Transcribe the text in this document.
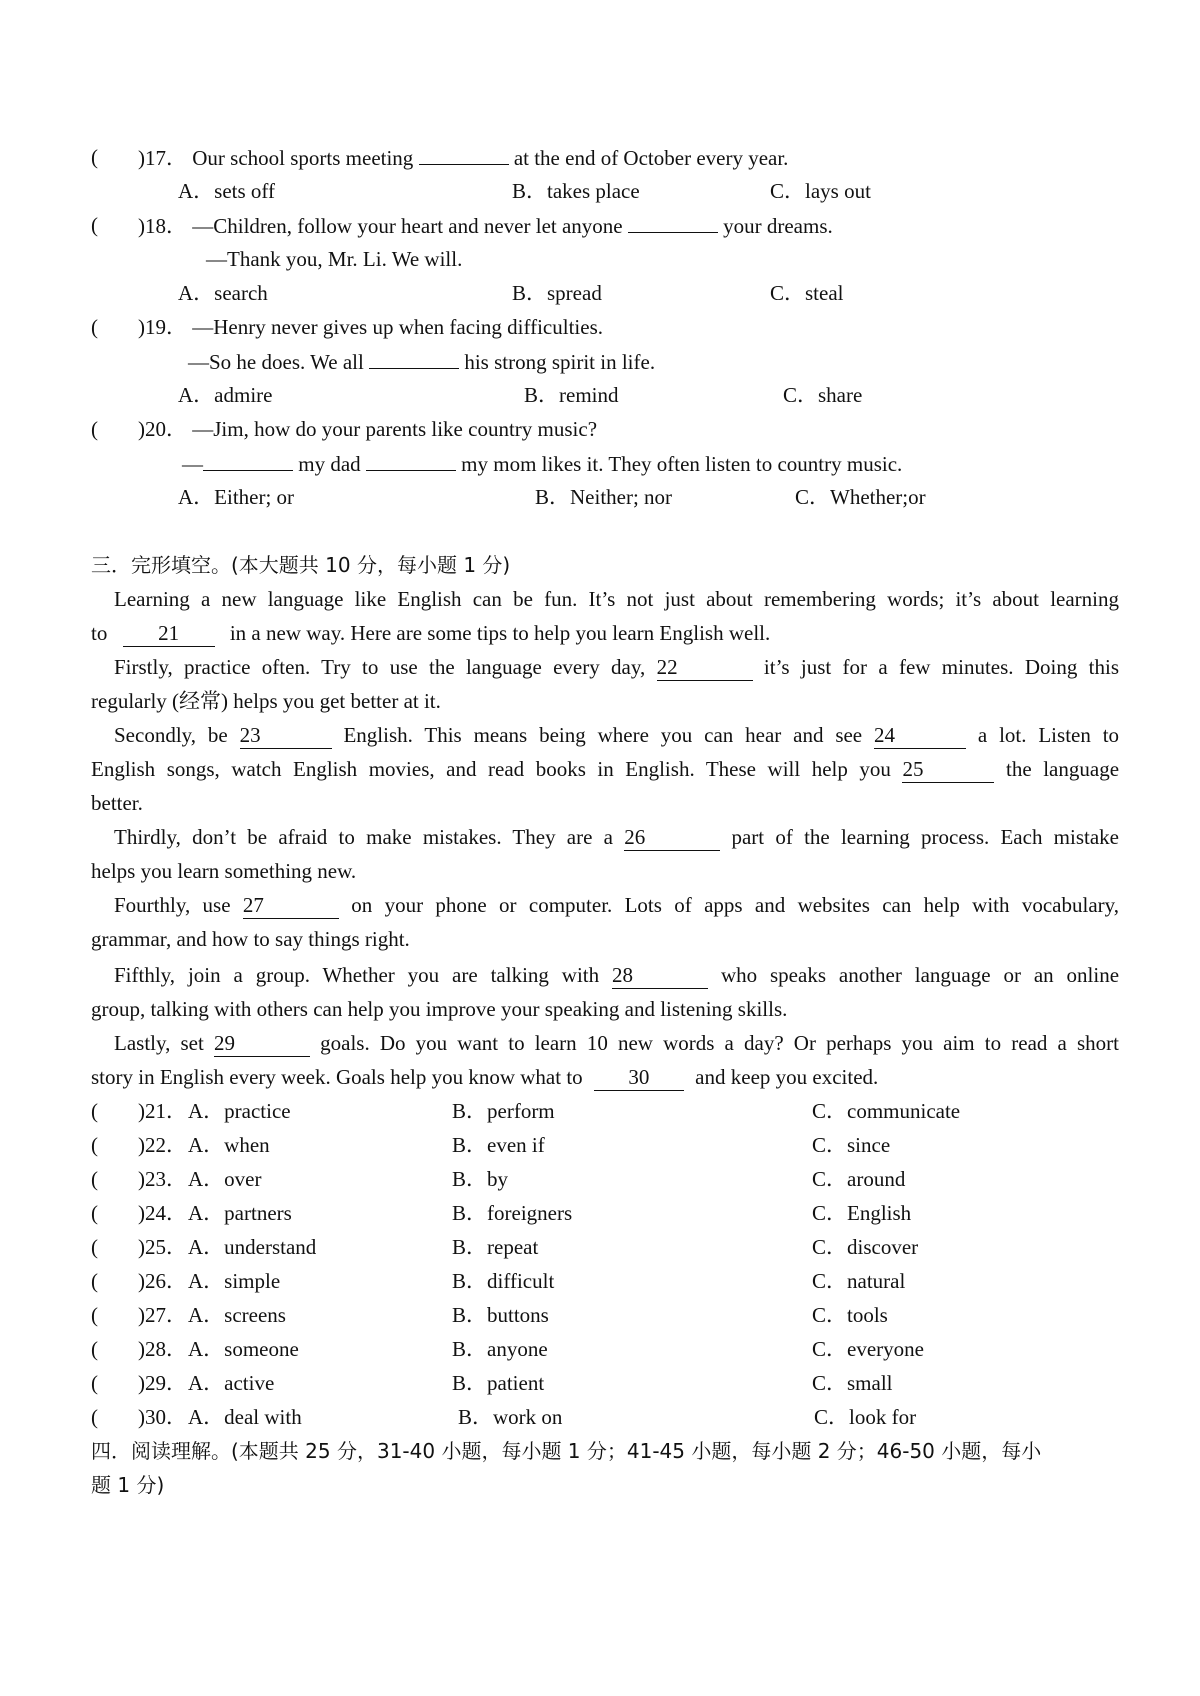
( )17． Our school sports meeting	at the end of October every year.
A．sets off	B．takes place	C．lays out
( )18． —Children, follow your heart and never let anyone	your dreams.
—Thank you, Mr. Li. We will.
A．search	B．spread	C．steal
( )19． —Henry never gives up when facing difficulties.
—So he does. We all	his strong spirit in life.
A．admire	B．remind	C．share
( )20． —Jim, how do your parents like country music?
—	my dad	my mom likes it. They often listen to country music.
A．Either; or	B．Neither; nor	C．Whether;or
三．完形填空。(本大题共 10 分，每小题 1 分)
Learning a new language like English can be fun. It’s not just about remembering words; it’s about learning
to 21 in a new way. Here are some tips to help you learn English well.
Firstly, practice often. Try to use the language every day, 22	it’s just for a few minutes. Doing this
regularly (经常) helps you get better at it.
Secondly, be 23	English. This means being where you can hear and see 24	a lot. Listen to
English songs, watch English movies, and read books in English. These will help you 25	the language
better.
Thirdly, don’t be afraid to make mistakes. They are a 26	part of the learning process. Each mistake
helps you learn something new.
Fourthly, use 27	on your phone or computer. Lots of apps and websites can help with vocabulary,
grammar, and how to say things right.
Fifthly, join a group. Whether you are talking with 28	who speaks another language or an online
group, talking with others can help you improve your speaking and listening skills.
Lastly, set 29	goals. Do you want to learn 10 new words a day? Or perhaps you aim to read a short
story in English every week. Goals help you know what to 30 and keep you excited.
( )21． A．practice	B．perform	C．communicate
( )22． A．when	B．even if	C．since
( )23． A．over	B．by	C．around
( )24． A．partners	B．foreigners	C．English
( )25． A．understand	B．repeat	C．discover
( )26． A．simple	B．difficult	C．natural
( )27． A．screens	B．buttons	C．tools
( )28． A．someone	B．anyone	C．everyone
( )29． A．active	B．patient	C．small
( )30． A．deal with	B．work on	C．look for
四．阅读理解。(本题共 25 分，31-40 小题，每小题 1 分；41-45 小题，每小题 2 分；46-50 小题，每小
题 1 分)
